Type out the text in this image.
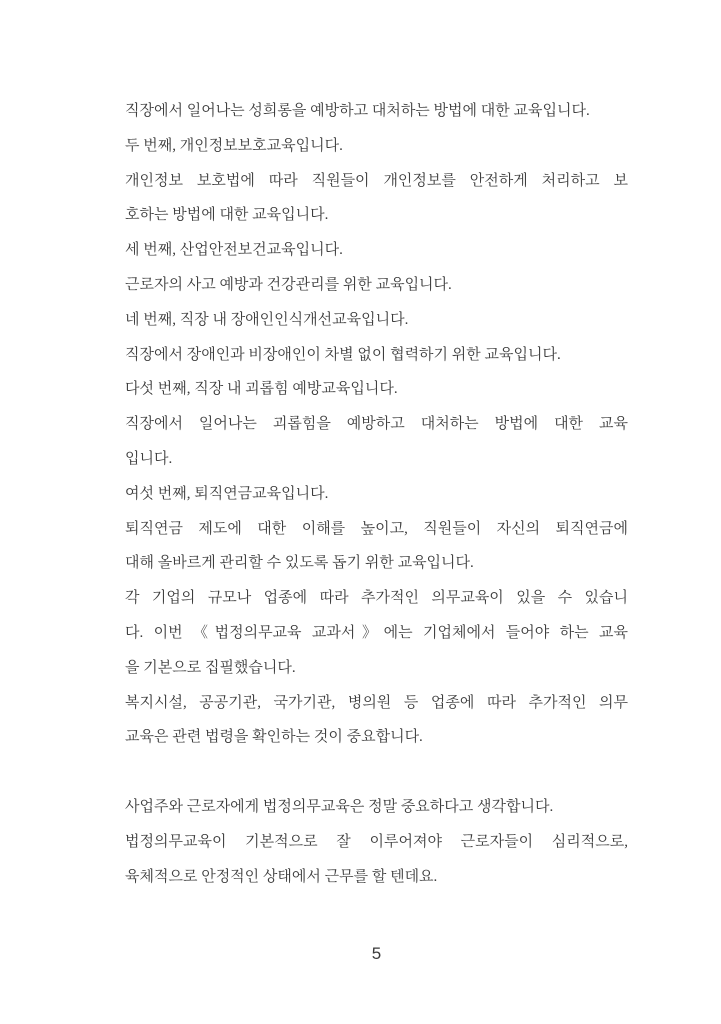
직장에서 일어나는 성희롱을 예방하고 대처하는 방법에 대한 교육입니다.
두 번째, 개인정보보호교육입니다.
개인정보 보호법에 따라 직원들이 개인정보를 안전하게 처리하고 보
호하는 방법에 대한 교육입니다.
세 번째, 산업안전보건교육입니다.
근로자의 사고 예방과 건강관리를 위한 교육입니다.
네 번째, 직장 내 장애인인식개선교육입니다.
직장에서 장애인과 비장애인이 차별 없이 협력하기 위한 교육입니다.
다섯 번째, 직장 내 괴롭힘 예방교육입니다.
직장에서 일어나는 괴롭힘을 예방하고 대처하는 방법에 대한 교육
입니다.
여섯 번째, 퇴직연금교육입니다.
퇴직연금 제도에 대한 이해를 높이고, 직원들이 자신의 퇴직연금에
대해 올바르게 관리할 수 있도록 돕기 위한 교육입니다.
각 기업의 규모나 업종에 따라 추가적인 의무교육이 있을 수 있습니
다. 이번 《법정의무교육 교과서》에는 기업체에서 들어야 하는 교육
을 기본으로 집필했습니다.
복지시설, 공공기관, 국가기관, 병의원 등 업종에 따라 추가적인 의무
교육은 관련 법령을 확인하는 것이 중요합니다.
사업주와 근로자에게 법정의무교육은 정말 중요하다고 생각합니다.
법정의무교육이 기본적으로 잘 이루어져야 근로자들이 심리적으로,
육체적으로 안정적인 상태에서 근무를 할 텐데요.
5
